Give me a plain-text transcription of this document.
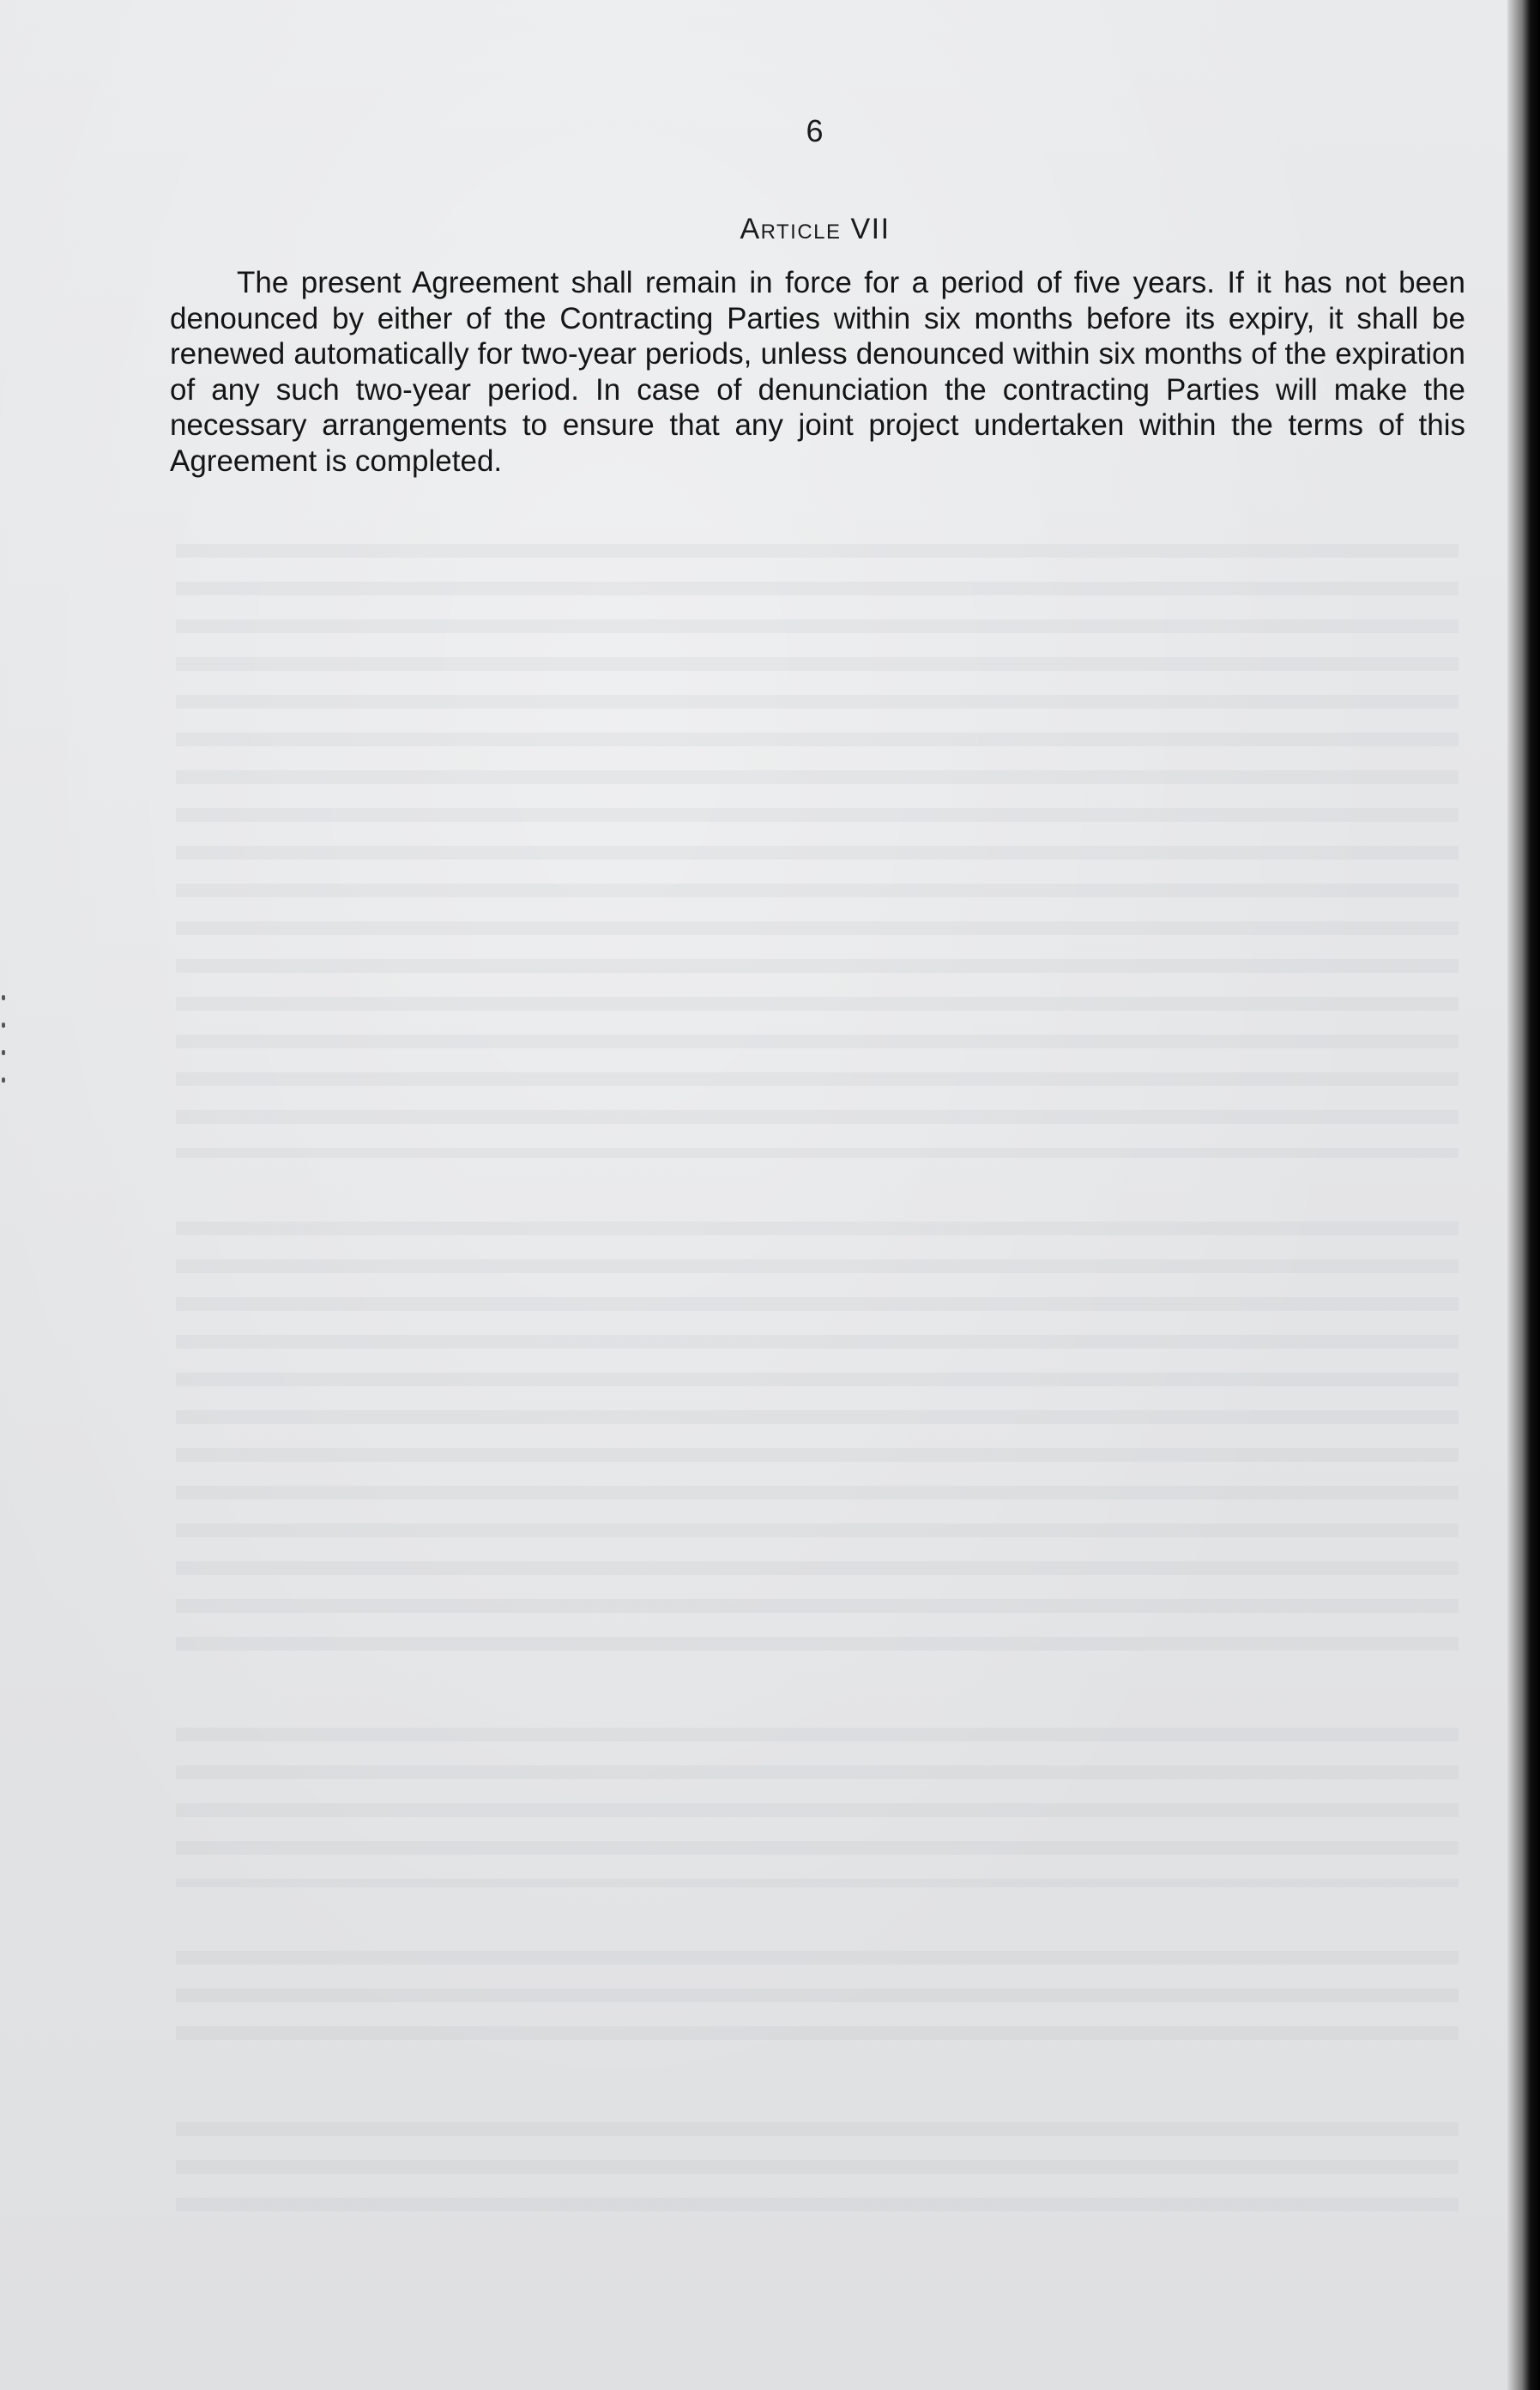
6
Article VII

The present Agreement shall remain in force for a period of five years. If it has not been denounced by either of the Contracting Parties within six months before its expiry, it shall be renewed automatically for two-year periods, unless denounced within six months of the expiration of any such two-year period. In case of denunciation the contracting Parties will make the necessary arrangements to ensure that any joint project undertaken within the terms of this Agreement is completed.
